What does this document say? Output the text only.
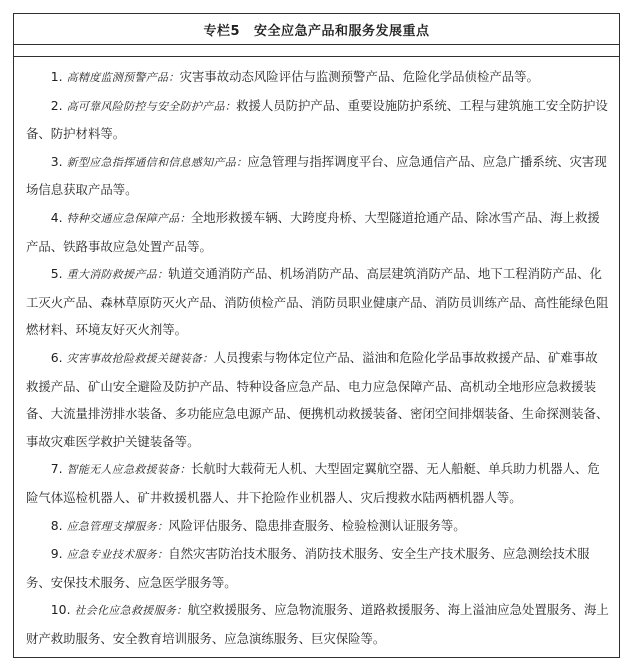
专栏5 安全应急产品和服务发展重点

1. 高精度监测预警产品：灾害事故动态风险评估与监测预警产品、危险化学品侦检产品等。

2. 高可靠风险防控与安全防护产品：救援人员防护产品、重要设施防护系统、工程与建筑施工安全防护设备、防护材料等。

3. 新型应急指挥通信和信息感知产品：应急管理与指挥调度平台、应急通信产品、应急广播系统、灾害现场信息获取产品等。

4. 特种交通应急保障产品：全地形救援车辆、大跨度舟桥、大型隧道抢通产品、除冰雪产品、海上救援产品、铁路事故应急处置产品等。

5. 重大消防救援产品：轨道交通消防产品、机场消防产品、高层建筑消防产品、地下工程消防产品、化工灭火产品、森林草原防灭火产品、消防侦检产品、消防员职业健康产品、消防员训练产品、高性能绿色阻燃材料、环境友好灭火剂等。

6. 灾害事故抢险救援关键装备：人员搜索与物体定位产品、溢油和危险化学品事故救援产品、矿难事故救援产品、矿山安全避险及防护产品、特种设备应急产品、电力应急保障产品、高机动全地形应急救援装备、大流量排涝排水装备、多功能应急电源产品、便携机动救援装备、密闭空间排烟装备、生命探测装备、事故灾难医学救护关键装备等。

7. 智能无人应急救援装备：长航时大载荷无人机、大型固定翼航空器、无人船艇、单兵助力机器人、危险气体巡检机器人、矿井救援机器人、井下抢险作业机器人、灾后搜救水陆两栖机器人等。

8. 应急管理支撑服务：风险评估服务、隐患排查服务、检验检测认证服务等。

9. 应急专业技术服务：自然灾害防治技术服务、消防技术服务、安全生产技术服务、应急测绘技术服务、安保技术服务、应急医学服务等。

10. 社会化应急救援服务：航空救援服务、应急物流服务、道路救援服务、海上溢油应急处置服务、海上财产救助服务、安全教育培训服务、应急演练服务、巨灾保险等。
